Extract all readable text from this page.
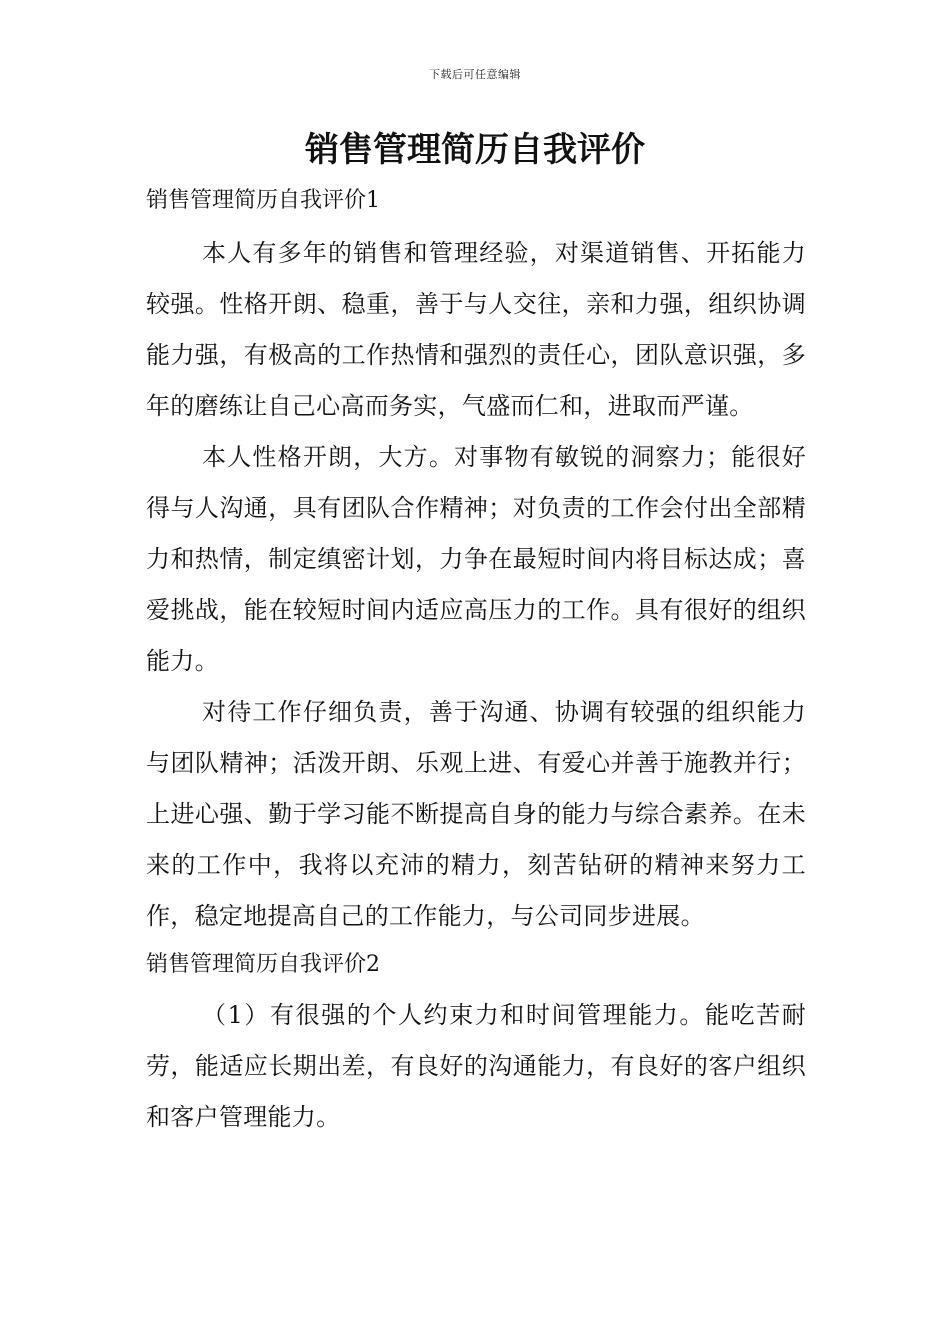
下载后可任意编辑
销售管理简历自我评价
销售管理简历自我评价1

本人有多年的销售和管理经验，对渠道销售、开拓能力较强。性格开朗、稳重，善于与人交往，亲和力强，组织协调能力强，有极高的工作热情和强烈的责任心，团队意识强，多年的磨练让自己心高而务实，气盛而仁和，进取而严谨。

本人性格开朗，大方。对事物有敏锐的洞察力；能很好得与人沟通，具有团队合作精神；对负责的工作会付出全部精力和热情，制定缜密计划，力争在最短时间内将目标达成；喜爱挑战，能在较短时间内适应高压力的工作。具有很好的组织能力。

对待工作仔细负责，善于沟通、协调有较强的组织能力与团队精神；活泼开朗、乐观上进、有爱心并善于施教并行；上进心强、勤于学习能不断提高自身的能力与综合素养。在未来的工作中，我将以充沛的精力，刻苦钻研的精神来努力工作，稳定地提高自己的工作能力，与公司同步进展。

销售管理简历自我评价2

（1）有很强的个人约束力和时间管理能力。能吃苦耐劳，能适应长期出差，有良好的沟通能力，有良好的客户组织和客户管理能力。
